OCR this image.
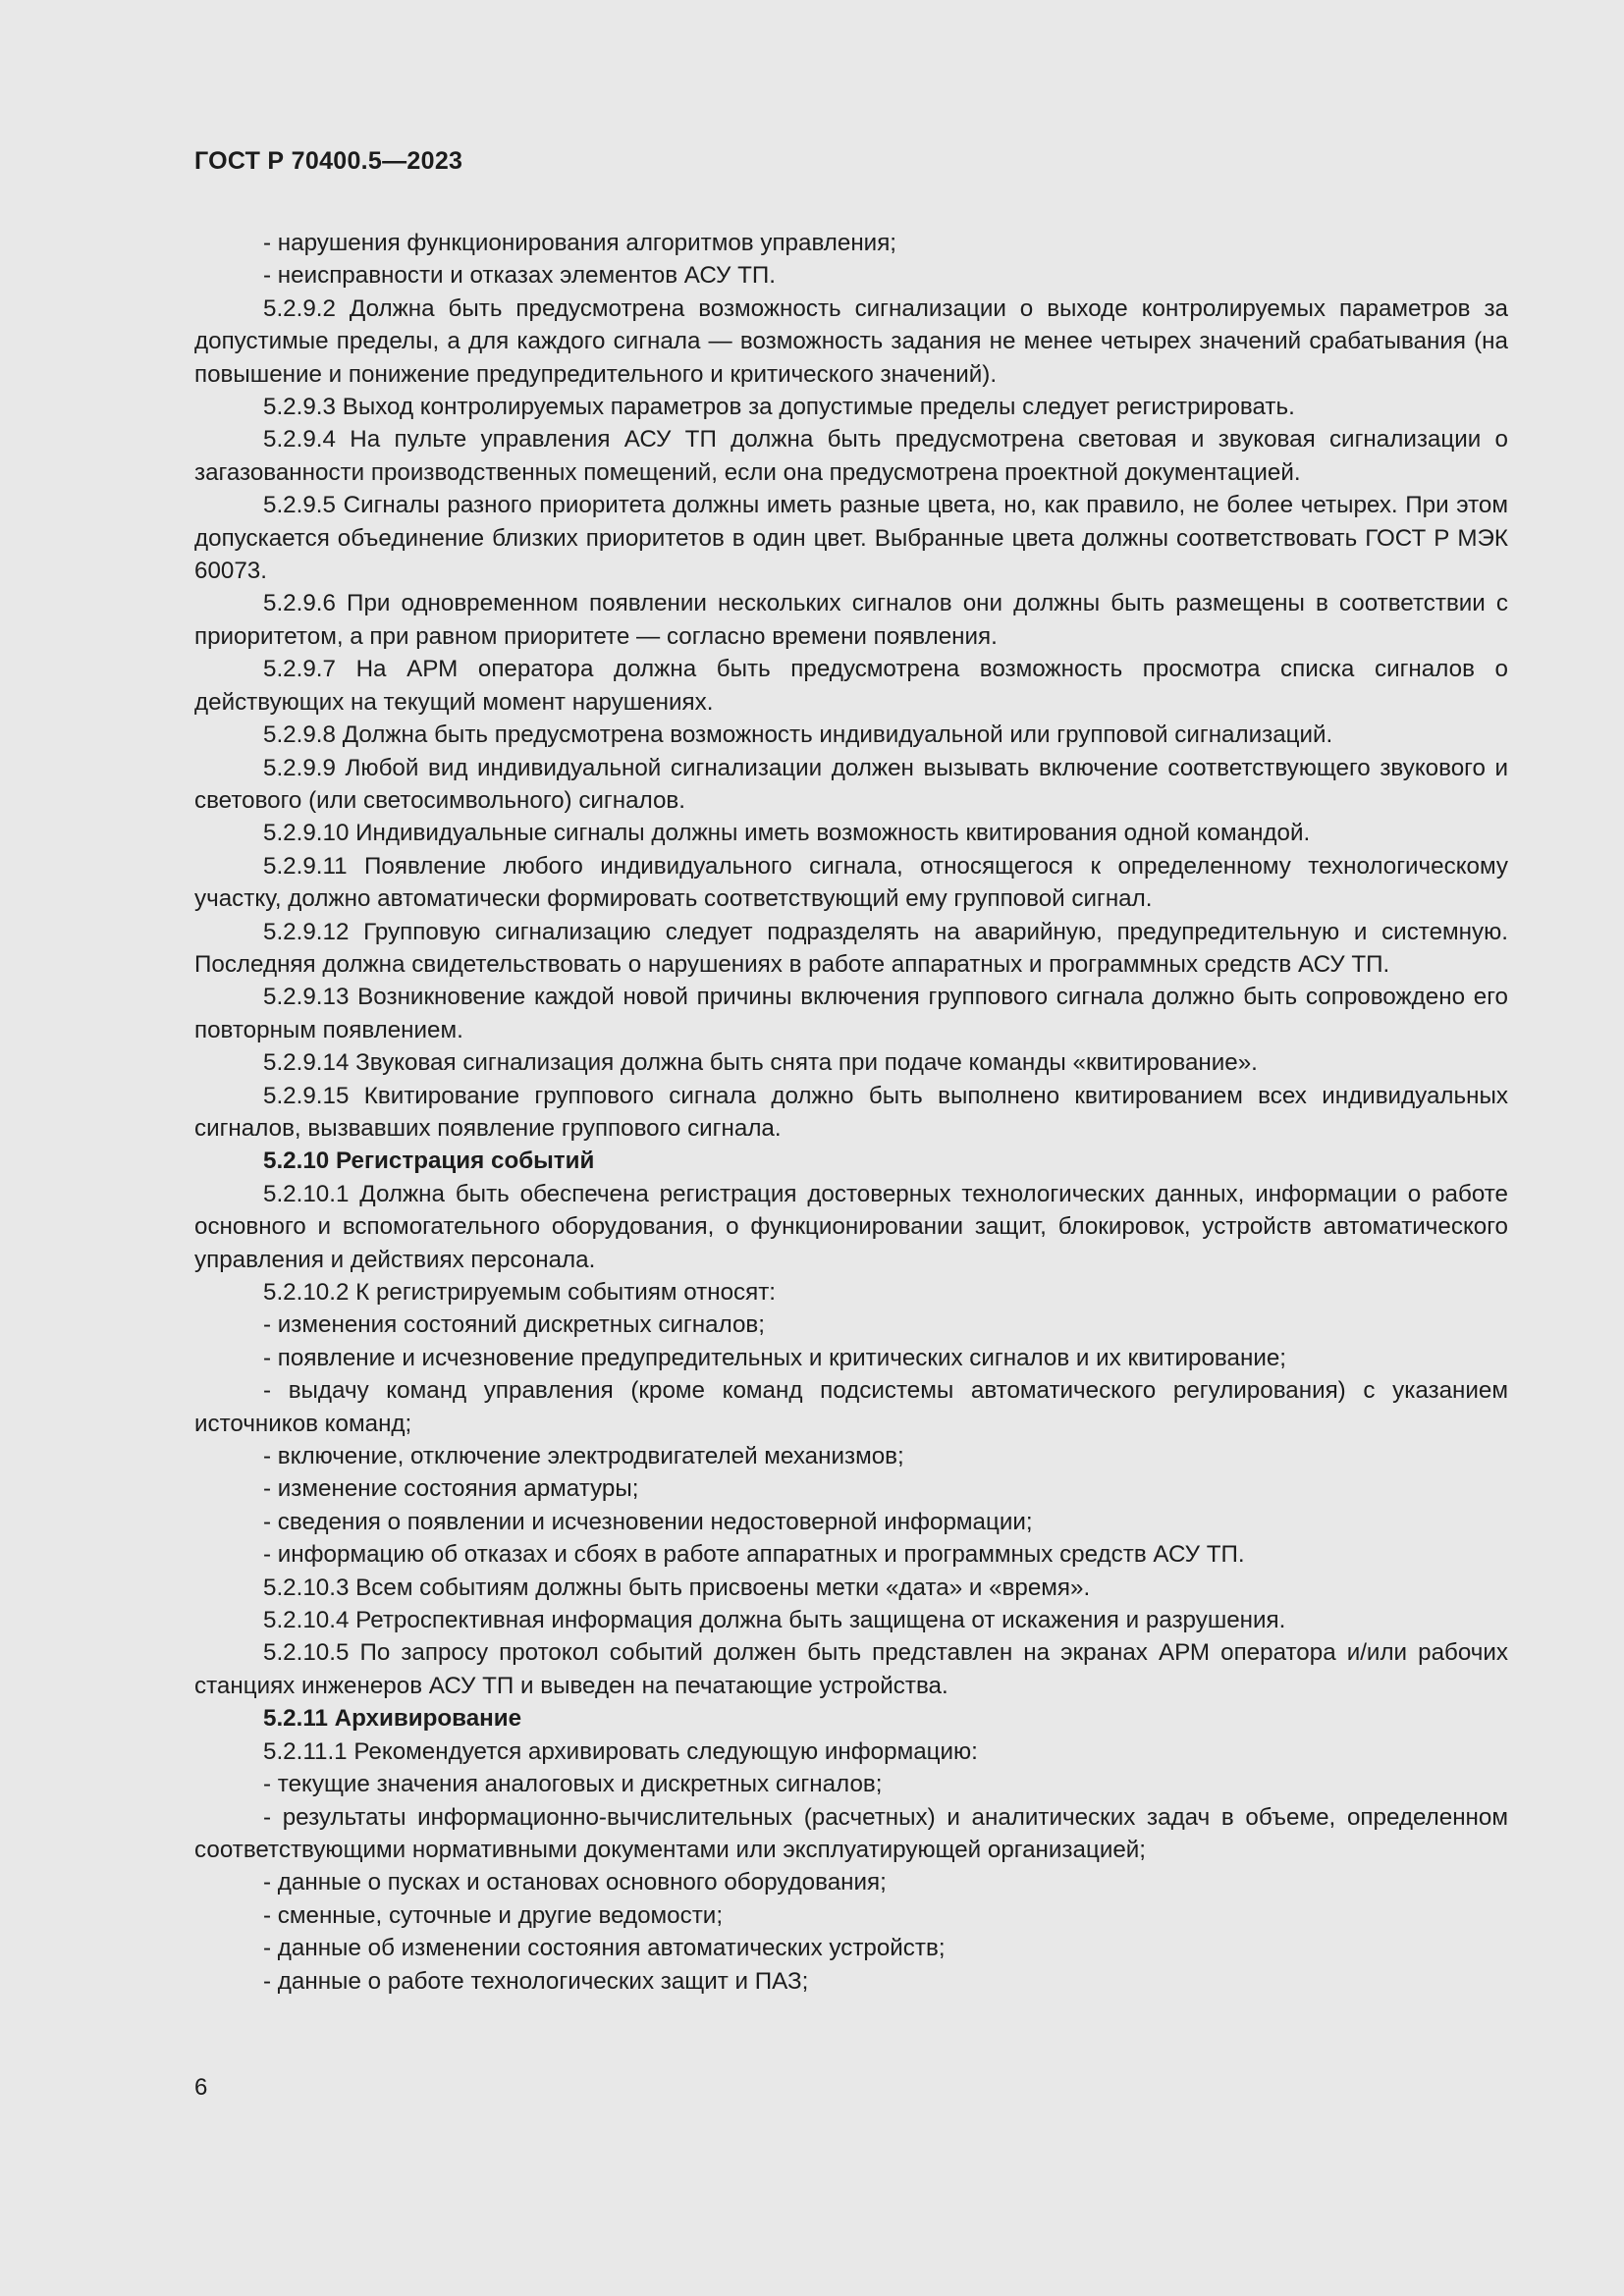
ГОСТ Р 70400.5—2023

- нарушения функционирования алгоритмов управления;

- неисправности и отказах элементов АСУ ТП.

5.2.9.2 Должна быть предусмотрена возможность сигнализации о выходе контролируемых параметров за допустимые пределы, а для каждого сигнала — возможность задания не менее четырех значений срабатывания (на повышение и понижение предупредительного и критического значений).

5.2.9.3 Выход контролируемых параметров за допустимые пределы следует регистрировать.

5.2.9.4 На пульте управления АСУ ТП должна быть предусмотрена световая и звуковая сигнализации о загазованности производственных помещений, если она предусмотрена проектной документацией.

5.2.9.5 Сигналы разного приоритета должны иметь разные цвета, но, как правило, не более четырех. При этом допускается объединение близких приоритетов в один цвет. Выбранные цвета должны соответствовать ГОСТ Р МЭК 60073.

5.2.9.6 При одновременном появлении нескольких сигналов они должны быть размещены в соответствии с приоритетом, а при равном приоритете — согласно времени появления.

5.2.9.7 На АРМ оператора должна быть предусмотрена возможность просмотра списка сигналов о действующих на текущий момент нарушениях.

5.2.9.8 Должна быть предусмотрена возможность индивидуальной или групповой сигнализаций.

5.2.9.9 Любой вид индивидуальной сигнализации должен вызывать включение соответствующего звукового и светового (или светосимвольного) сигналов.

5.2.9.10 Индивидуальные сигналы должны иметь возможность квитирования одной командой.

5.2.9.11 Появление любого индивидуального сигнала, относящегося к определенному технологическому участку, должно автоматически формировать соответствующий ему групповой сигнал.

5.2.9.12 Групповую сигнализацию следует подразделять на аварийную, предупредительную и системную. Последняя должна свидетельствовать о нарушениях в работе аппаратных и программных средств АСУ ТП.

5.2.9.13 Возникновение каждой новой причины включения группового сигнала должно быть сопровождено его повторным появлением.

5.2.9.14 Звуковая сигнализация должна быть снята при подаче команды «квитирование».

5.2.9.15 Квитирование группового сигнала должно быть выполнено квитированием всех индивидуальных сигналов, вызвавших появление группового сигнала.

5.2.10 Регистрация событий

5.2.10.1 Должна быть обеспечена регистрация достоверных технологических данных, информации о работе основного и вспомогательного оборудования, о функционировании защит, блокировок, устройств автоматического управления и действиях персонала.

5.2.10.2 К регистрируемым событиям относят:

- изменения состояний дискретных сигналов;

- появление и исчезновение предупредительных и критических сигналов и их квитирование;

- выдачу команд управления (кроме команд подсистемы автоматического регулирования) с указанием источников команд;

- включение, отключение электродвигателей механизмов;

- изменение состояния арматуры;

- сведения о появлении и исчезновении недостоверной информации;

- информацию об отказах и сбоях в работе аппаратных и программных средств АСУ ТП.

5.2.10.3 Всем событиям должны быть присвоены метки «дата» и «время».

5.2.10.4 Ретроспективная информация должна быть защищена от искажения и разрушения.

5.2.10.5 По запросу протокол событий должен быть представлен на экранах АРМ оператора и/или рабочих станциях инженеров АСУ ТП и выведен на печатающие устройства.

5.2.11 Архивирование

5.2.11.1 Рекомендуется архивировать следующую информацию:

- текущие значения аналоговых и дискретных сигналов;

- результаты информационно-вычислительных (расчетных) и аналитических задач в объеме, определенном соответствующими нормативными документами или эксплуатирующей организацией;

- данные о пусках и остановах основного оборудования;

- сменные, суточные и другие ведомости;

- данные об изменении состояния автоматических устройств;

- данные о работе технологических защит и ПАЗ;

6
